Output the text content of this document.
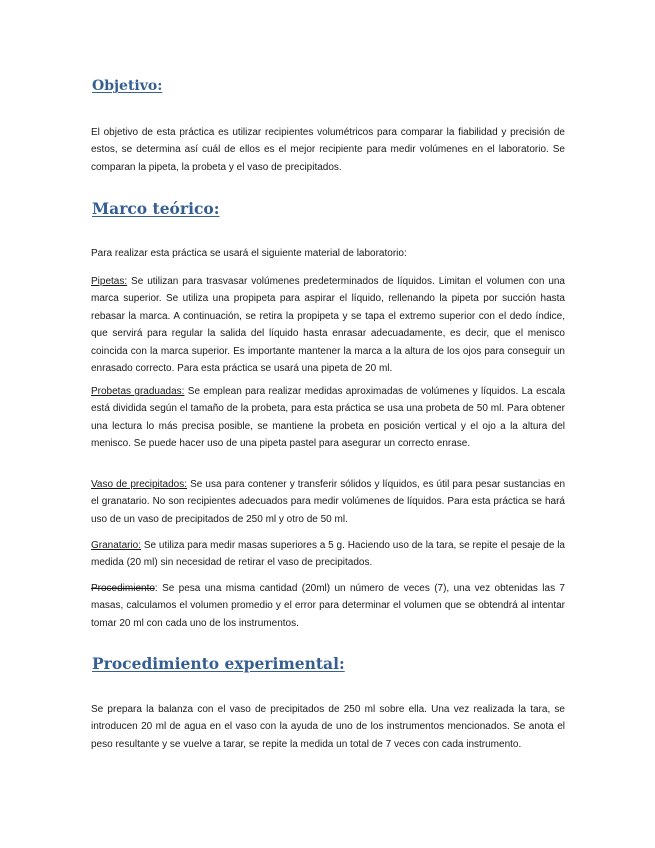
Objetivo:

El objetivo de esta práctica es utilizar recipientes volumétricos para comparar la fiabilidad y precisión de estos, se determina así cuál de ellos es el mejor recipiente para medir volúmenes en el laboratorio. Se comparan la pipeta, la probeta y el vaso de precipitados.

Marco teórico:

Para realizar esta práctica se usará el siguiente material de laboratorio:

Pipetas: Se utilizan para trasvasar volúmenes predeterminados de líquidos. Limitan el volumen con una marca superior. Se utiliza una propipeta para aspirar el líquido, rellenando la pipeta por succión hasta rebasar la marca. A continuación, se retira la propipeta y se tapa el extremo superior con el dedo índice, que servirá para regular la salida del líquido hasta enrasar adecuadamente, es decir, que el menisco coincida con la marca superior. Es importante mantener la marca a la altura de los ojos para conseguir un enrasado correcto. Para esta práctica se usará una pipeta de 20 ml.

Probetas graduadas: Se emplean para realizar medidas aproximadas de volúmenes y líquidos. La escala está dividida según el tamaño de la probeta, para esta práctica se usa una probeta de 50 ml. Para obtener una lectura lo más precisa posible, se mantiene la probeta en posición vertical y el ojo a la altura del menisco. Se puede hacer uso de una pipeta pastel para asegurar un correcto enrase.

Vaso de precipitados: Se usa para contener y transferir sólidos y líquidos, es útil para pesar sustancias en el granatario. No son recipientes adecuados para medir volúmenes de líquidos. Para esta práctica se hará uso de un vaso de precipitados de 250 ml y otro de 50 ml.

Granatario: Se utiliza para medir masas superiores a 5 g. Haciendo uso de la tara, se repite el pesaje de la medida (20 ml) sin necesidad de retirar el vaso de precipitados.

Procedimiento: Se pesa una misma cantidad (20ml) un número de veces (7), una vez obtenidas las 7 masas, calculamos el volumen promedio y el error para determinar el volumen que se obtendrá al intentar tomar 20 ml con cada uno de los instrumentos.

Procedimiento experimental:

Se prepara la balanza con el vaso de precipitados de 250 ml sobre ella. Una vez realizada la tara, se introducen 20 ml de agua en el vaso con la ayuda de uno de los instrumentos mencionados. Se anota el peso resultante y se vuelve a tarar, se repite la medida un total de 7 veces con cada instrumento.
